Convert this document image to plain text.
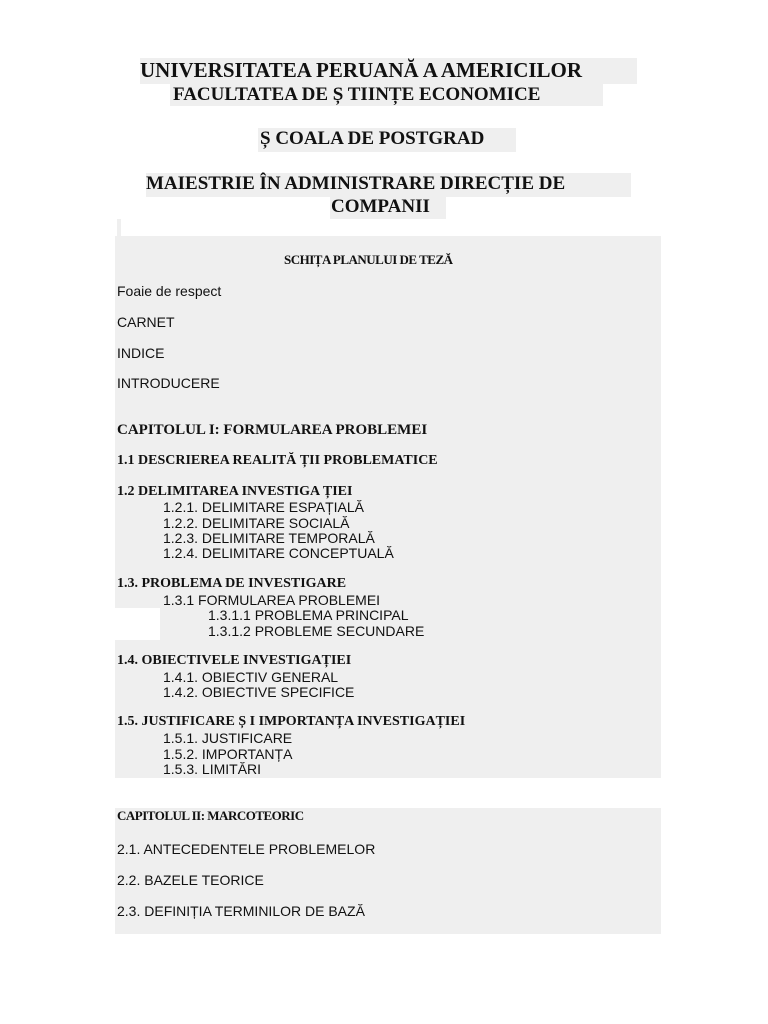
UNIVERSITATEA PERUANĂ A AMERICILOR
FACULTATEA DE Ș TIINȚE ECONOMICE
Ș COALA DE POSTGRAD
MAIESTRIE ÎN ADMINISTRARE DIRECȚIE DE
COMPANII
SCHIȚA PLANULUI DE TEZĂ
Foaie de respect
CARNET
INDICE
INTRODUCERE
CAPITOLUL I: FORMULAREA PROBLEMEI
1.1 DESCRIEREA REALITĂ ȚII PROBLEMATICE
1.2 DELIMITAREA INVESTIGA ȚIEI
1.2.1. DELIMITARE ESPAȚIALĂ
1.2.2. DELIMITARE SOCIALĂ
1.2.3. DELIMITARE TEMPORALĂ
1.2.4. DELIMITARE CONCEPTUALĂ
1.3. PROBLEMA DE INVESTIGARE
1.3.1 FORMULAREA PROBLEMEI
1.3.1.1 PROBLEMA PRINCIPAL
1.3.1.2 PROBLEME SECUNDARE
1.4. OBIECTIVELE INVESTIGAȚIEI
1.4.1. OBIECTIV GENERAL
1.4.2. OBIECTIVE SPECIFICE
1.5. JUSTIFICARE Ș I IMPORTANȚA INVESTIGAȚIEI
1.5.1. JUSTIFICARE
1.5.2. IMPORTANȚA
1.5.3. LIMITĂRI
CAPITOLUL II: MARCOTEORIC
2.1. ANTECEDENTELE PROBLEMELOR
2.2. BAZELE TEORICE
2.3. DEFINIȚIA TERMINILOR DE BAZĂ
